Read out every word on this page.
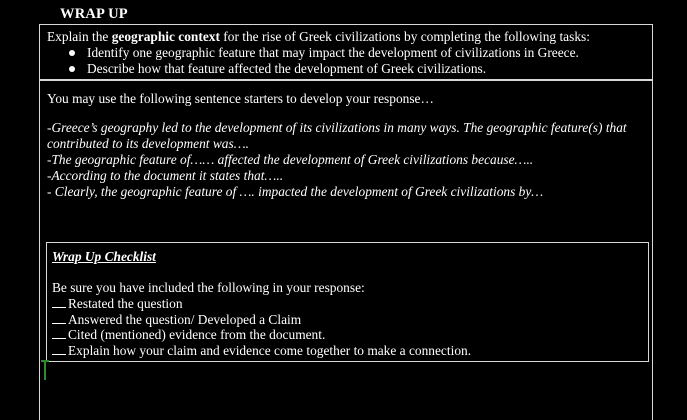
WRAP UP
Explain the geographic context for the rise of Greek civilizations by completing the following tasks:
Identify one geographic feature that may impact the development of civilizations in Greece.
Describe how that feature affected the development of Greek civilizations.
You may use the following sentence starters to develop your response…
-Greece’s geography led to the development of its civilizations in many ways. The geographic feature(s) that contributed to its development was….
-The geographic feature of…… affected the development of Greek civilizations because…..
-According to the document it states that…..
- Clearly, the geographic feature of …. impacted the development of Greek civilizations by…
Wrap Up Checklist
Be sure you have included the following in your response:
Restated the question
Answered the question/ Developed a Claim
Cited (mentioned) evidence from the document.
Explain how your claim and evidence come together to make a connection.
